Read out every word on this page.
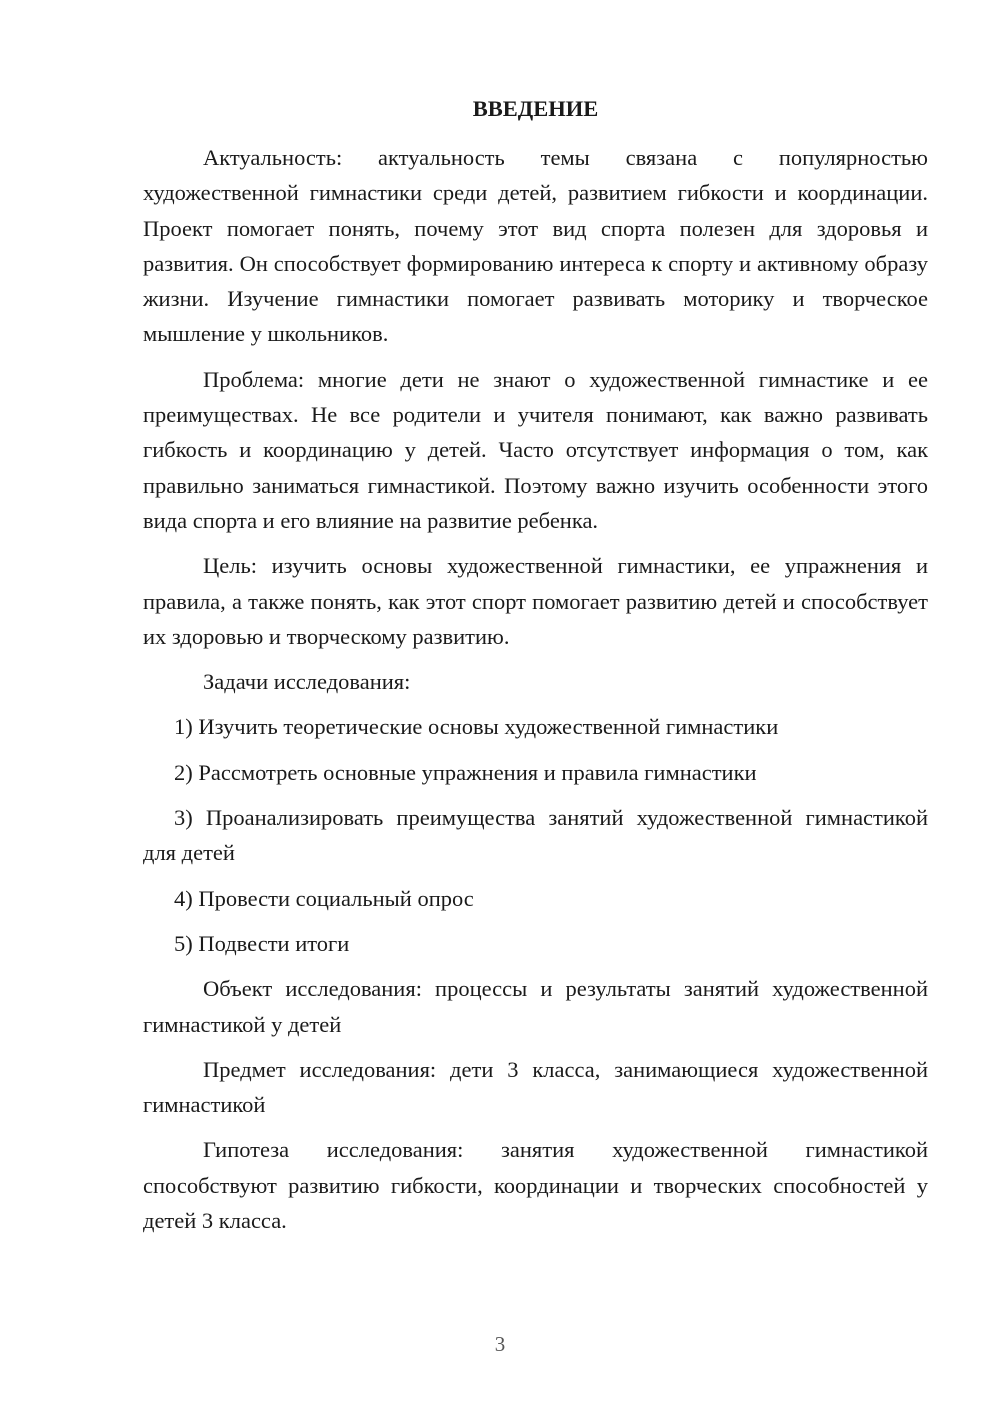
ВВЕДЕНИЕ

Актуальность: актуальность темы связана с популярностью художественной гимнастики среди детей, развитием гибкости и координации. Проект помогает понять, почему этот вид спорта полезен для здоровья и развития. Он способствует формированию интереса к спорту и активному образу жизни. Изучение гимнастики помогает развивать моторику и творческое мышление у школьников.

Проблема: многие дети не знают о художественной гимнастике и ее преимуществах. Не все родители и учителя понимают, как важно развивать гибкость и координацию у детей. Часто отсутствует информация о том, как правильно заниматься гимнастикой. Поэтому важно изучить особенности этого вида спорта и его влияние на развитие ребенка.

Цель: изучить основы художественной гимнастики, ее упражнения и правила, а также понять, как этот спорт помогает развитию детей и способствует их здоровью и творческому развитию.

Задачи исследования:

1) Изучить теоретические основы художественной гимнастики

2) Рассмотреть основные упражнения и правила гимнастики

3) Проанализировать преимущества занятий художественной гимнастикой для детей

4) Провести социальный опрос

5) Подвести итоги

Объект исследования: процессы и результаты занятий художественной гимнастикой у детей

Предмет исследования: дети 3 класса, занимающиеся художественной гимнастикой

Гипотеза исследования: занятия художественной гимнастикой способствуют развитию гибкости, координации и творческих способностей у детей 3 класса.

3
